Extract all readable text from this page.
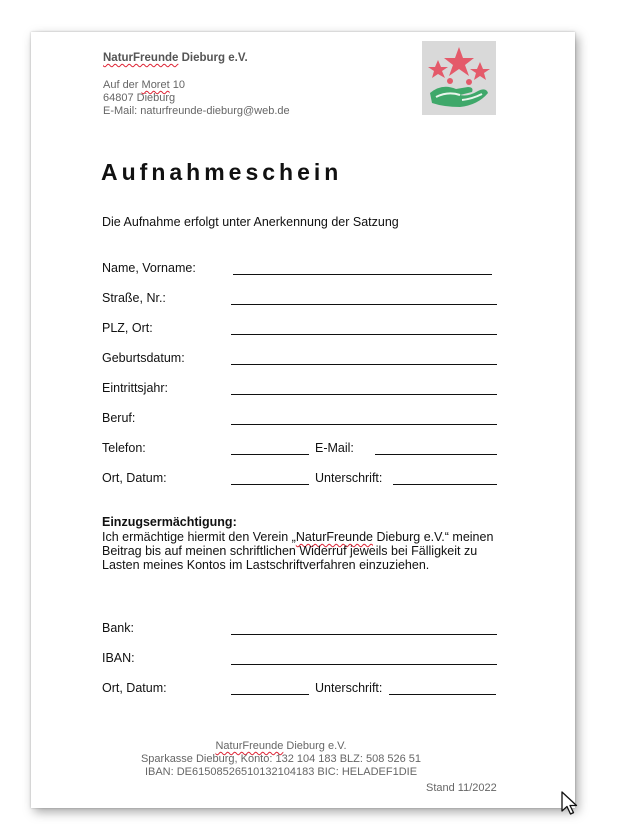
NaturFreunde Dieburg e.V.
Auf der Moret 10
64807 Dieburg
E-Mail: naturfreunde-dieburg@web.de
Aufnahmeschein
Die Aufnahme erfolgt unter Anerkennung der Satzung
Name, Vorname:
Straße, Nr.:
PLZ, Ort:
Geburtsdatum:
Eintrittsjahr:
Beruf:
Telefon:	E-Mail:
Ort, Datum:	Unterschrift:
Einzugsermächtigung:
Ich ermächtige hiermit den Verein „NaturFreunde Dieburg e.V.“ meinen Beitrag bis auf meinen schriftlichen Widerruf jeweils bei Fälligkeit zu Lasten meines Kontos im Lastschriftverfahren einzuziehen.
Bank:
IBAN:
Ort, Datum:	Unterschrift:
NaturFreunde Dieburg e.V.
Sparkasse Dieburg, Konto: 132 104 183 BLZ: 508 526 51
IBAN: DE61508526510132104183 BIC: HELADEF1DIE
Stand 11/2022
